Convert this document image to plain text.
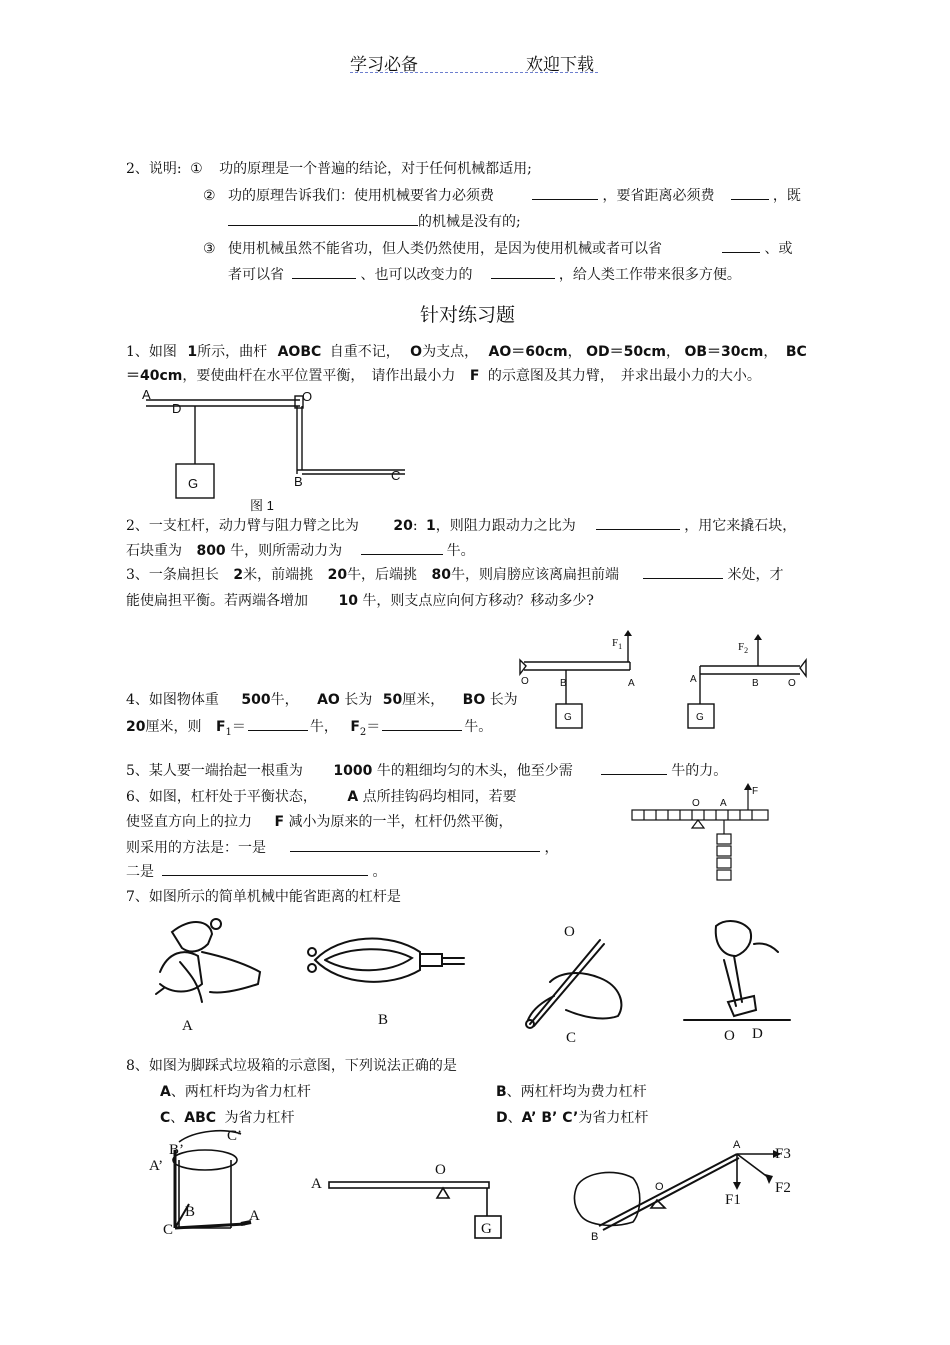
学习必备	欢迎下载
2、说明: ① 功的原理是一个普遍的结论，对于任何机械都适用;
② 功的原理告诉我们：使用机械要省力必须费	，要省距离必须费	，既
的机械是没有的;
③ 使用机械虽然不能省功，但人类仍然使用，是因为使用机械或者可以省	、或
者可以省	、也可以改变力的	，给人类工作带来很多方便。
针对练习题
1、如图 1所示，曲杆 AOBC 自重不记， O为支点， AO＝60cm， OD＝50cm， OB＝30cm， BC
＝40cm，要使曲杆在水平位置平衡，　请作出最小力 F 的示意图及其力臂，　并求出最小力的大小。
A
D
O
G	B	C
图 1
2、一支杠杆，动力臂与阻力臂之比为 20: 1，则阻力跟动力之比为	，用它来撬石块，
石块重为 800 牛，则所需动力为	牛。
3、一条扁担长 2米，前端挑 20牛，后端挑 80牛，则肩膀应该离扁担前端	米处，才
能使扁担平衡。若两端各增加 10 牛，则支点应向何方移动？移动多少?
4、如图物体重 500牛， AO 长为 50厘米， BO 长为
20厘米，则 $F_1=$	牛， $F_2=$	牛。
$F_1$
O	B	A
G
$F_2$
A	B	O
G
5、某人要一端抬起一根重为 1000 牛的粗细均匀的木头，他至少需	牛的力。
6、如图，杠杆处于平衡状态， A 点所挂钩码均相同，若要
使竖直方向上的拉力 F 减小为原来的一半，杠杆仍然平衡，
则采用的方法是：一是	，
二是	。
O A
F
7、如图所示的简单机械中能省距离的杠杆是
A	B
C	D
O
O
8、如图为脚踩式垃圾箱的示意图，下列说法正确的是
A、两杠杆均为省力杠杆	B、两杠杆均为费力杠杆
C、ABC 为省力杠杆	D、A’ B’ C’为省力杠杆
C’
B’
A’
B
C
A
A
O
G
A
F3
F1
F2
O
B
